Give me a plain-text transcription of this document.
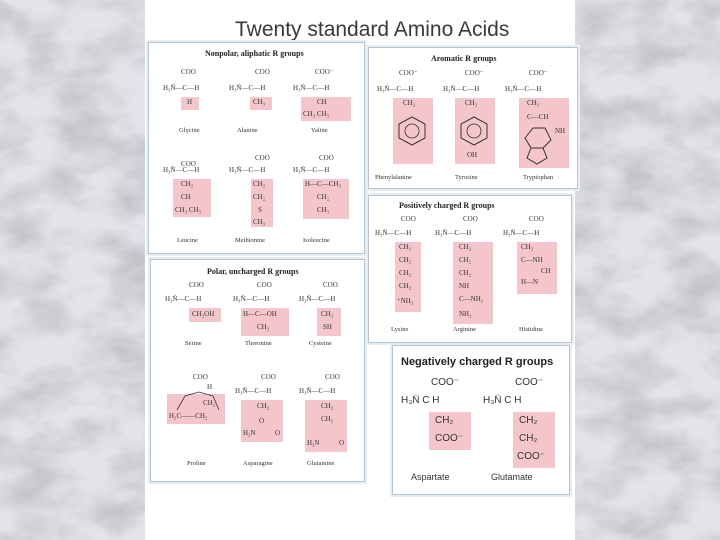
Twenty standard Amino Acids
Nonpolar, aliphatic R groups
COO
H₃N̈—C—H
H
Glycine
COO
H₃N̈—C—H
CH₃
Alanine
COO⁻
H₃N̈—C—H
CH
CH₃ CH₃
Valine
COO
H₃N̈—C—H
CH₂
CH
CH₃ CH₃
Leucine
COO
H₃N̈—C—H
CH₂
CH₂
S
CH₃
Methionine
COO
H₃N̈—C—H
H—C—CH₃
CH₂
CH₃
Isoleucine
Aromatic R groups
COO⁻
H₃N̈—C—H
CH₂
Phenylalanine
COO⁻
H₃N̈—C—H
CH₂
OH
Tyrosine
COO⁻
H₃N̈—C—H
CH₂
C—CH
NH
Tryptophan
Positively charged R groups
COO
H₃N̈—C—H
CH₂
CH₂
CH₂
CH₂
⁺NH₃
Lysine
COO
H₃N̈—C—H
CH₂
CH₂
CH₂
NH
C—NH₂
NH₂
Arginine
COO
H₃N̈—C—H
CH₂
C—NH
CH
H—N
Histidine
Polar, uncharged R groups
COO
H₃N̈—C—H
CH₂OH
Serine
COO
H₃N̈—C—H
H—C—OH
CH₃
Threonine
COO
H₃N̈—C—H
CH₂
SH
Cysteine
COO
H
CH₂
H₂C——CH₂
Proline
COO
H₃N̈—C—H
CH₂
O
H₂N	O
Asparagine
COO
H₃N̈—C—H
CH₂
CH₂
H₂N	O
Glutamine
Negatively charged R groups
COO⁻
H₃N̈ C H
CH₂
COO⁻
Aspartate
COO⁻
H₃N̈ C H
CH₂
CH₂
COO⁻
Glutamate
